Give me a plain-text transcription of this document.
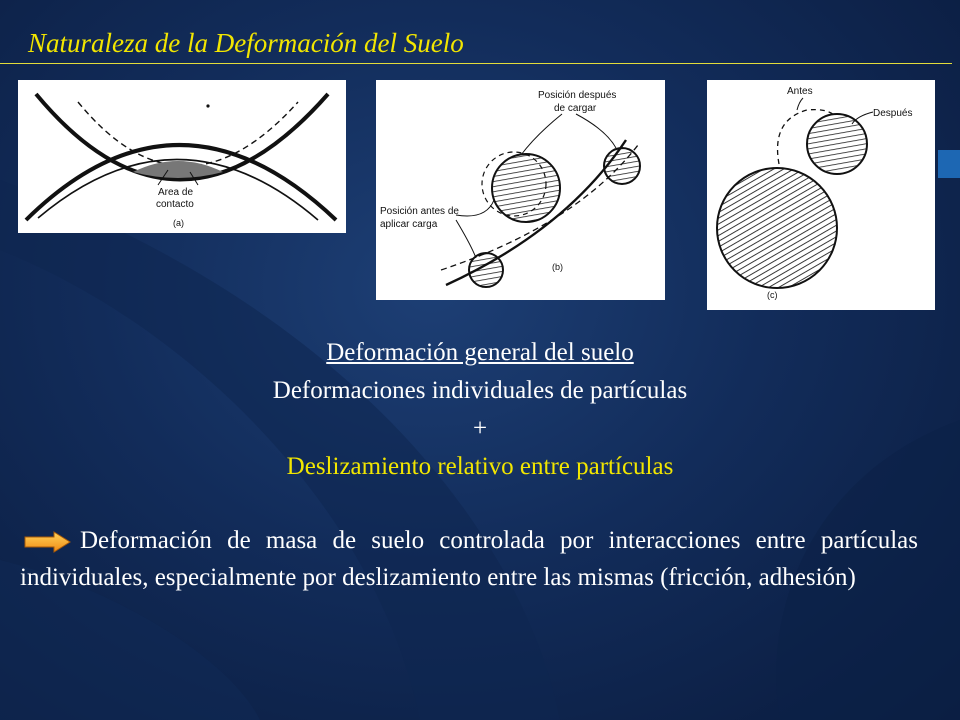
Naturaleza de la Deformación del Suelo
Area de
contacto
(a)
Posición después
de cargar
Posición antes de
aplicar carga
(b)
Antes
Después
(c)
Deformación general del suelo
Deformaciones individuales de partículas
+
Deslizamiento relativo entre partículas

Deformación de masa de suelo controlada por interacciones entre partículas individuales, especialmente por deslizamiento entre las mismas (fricción, adhesión)
